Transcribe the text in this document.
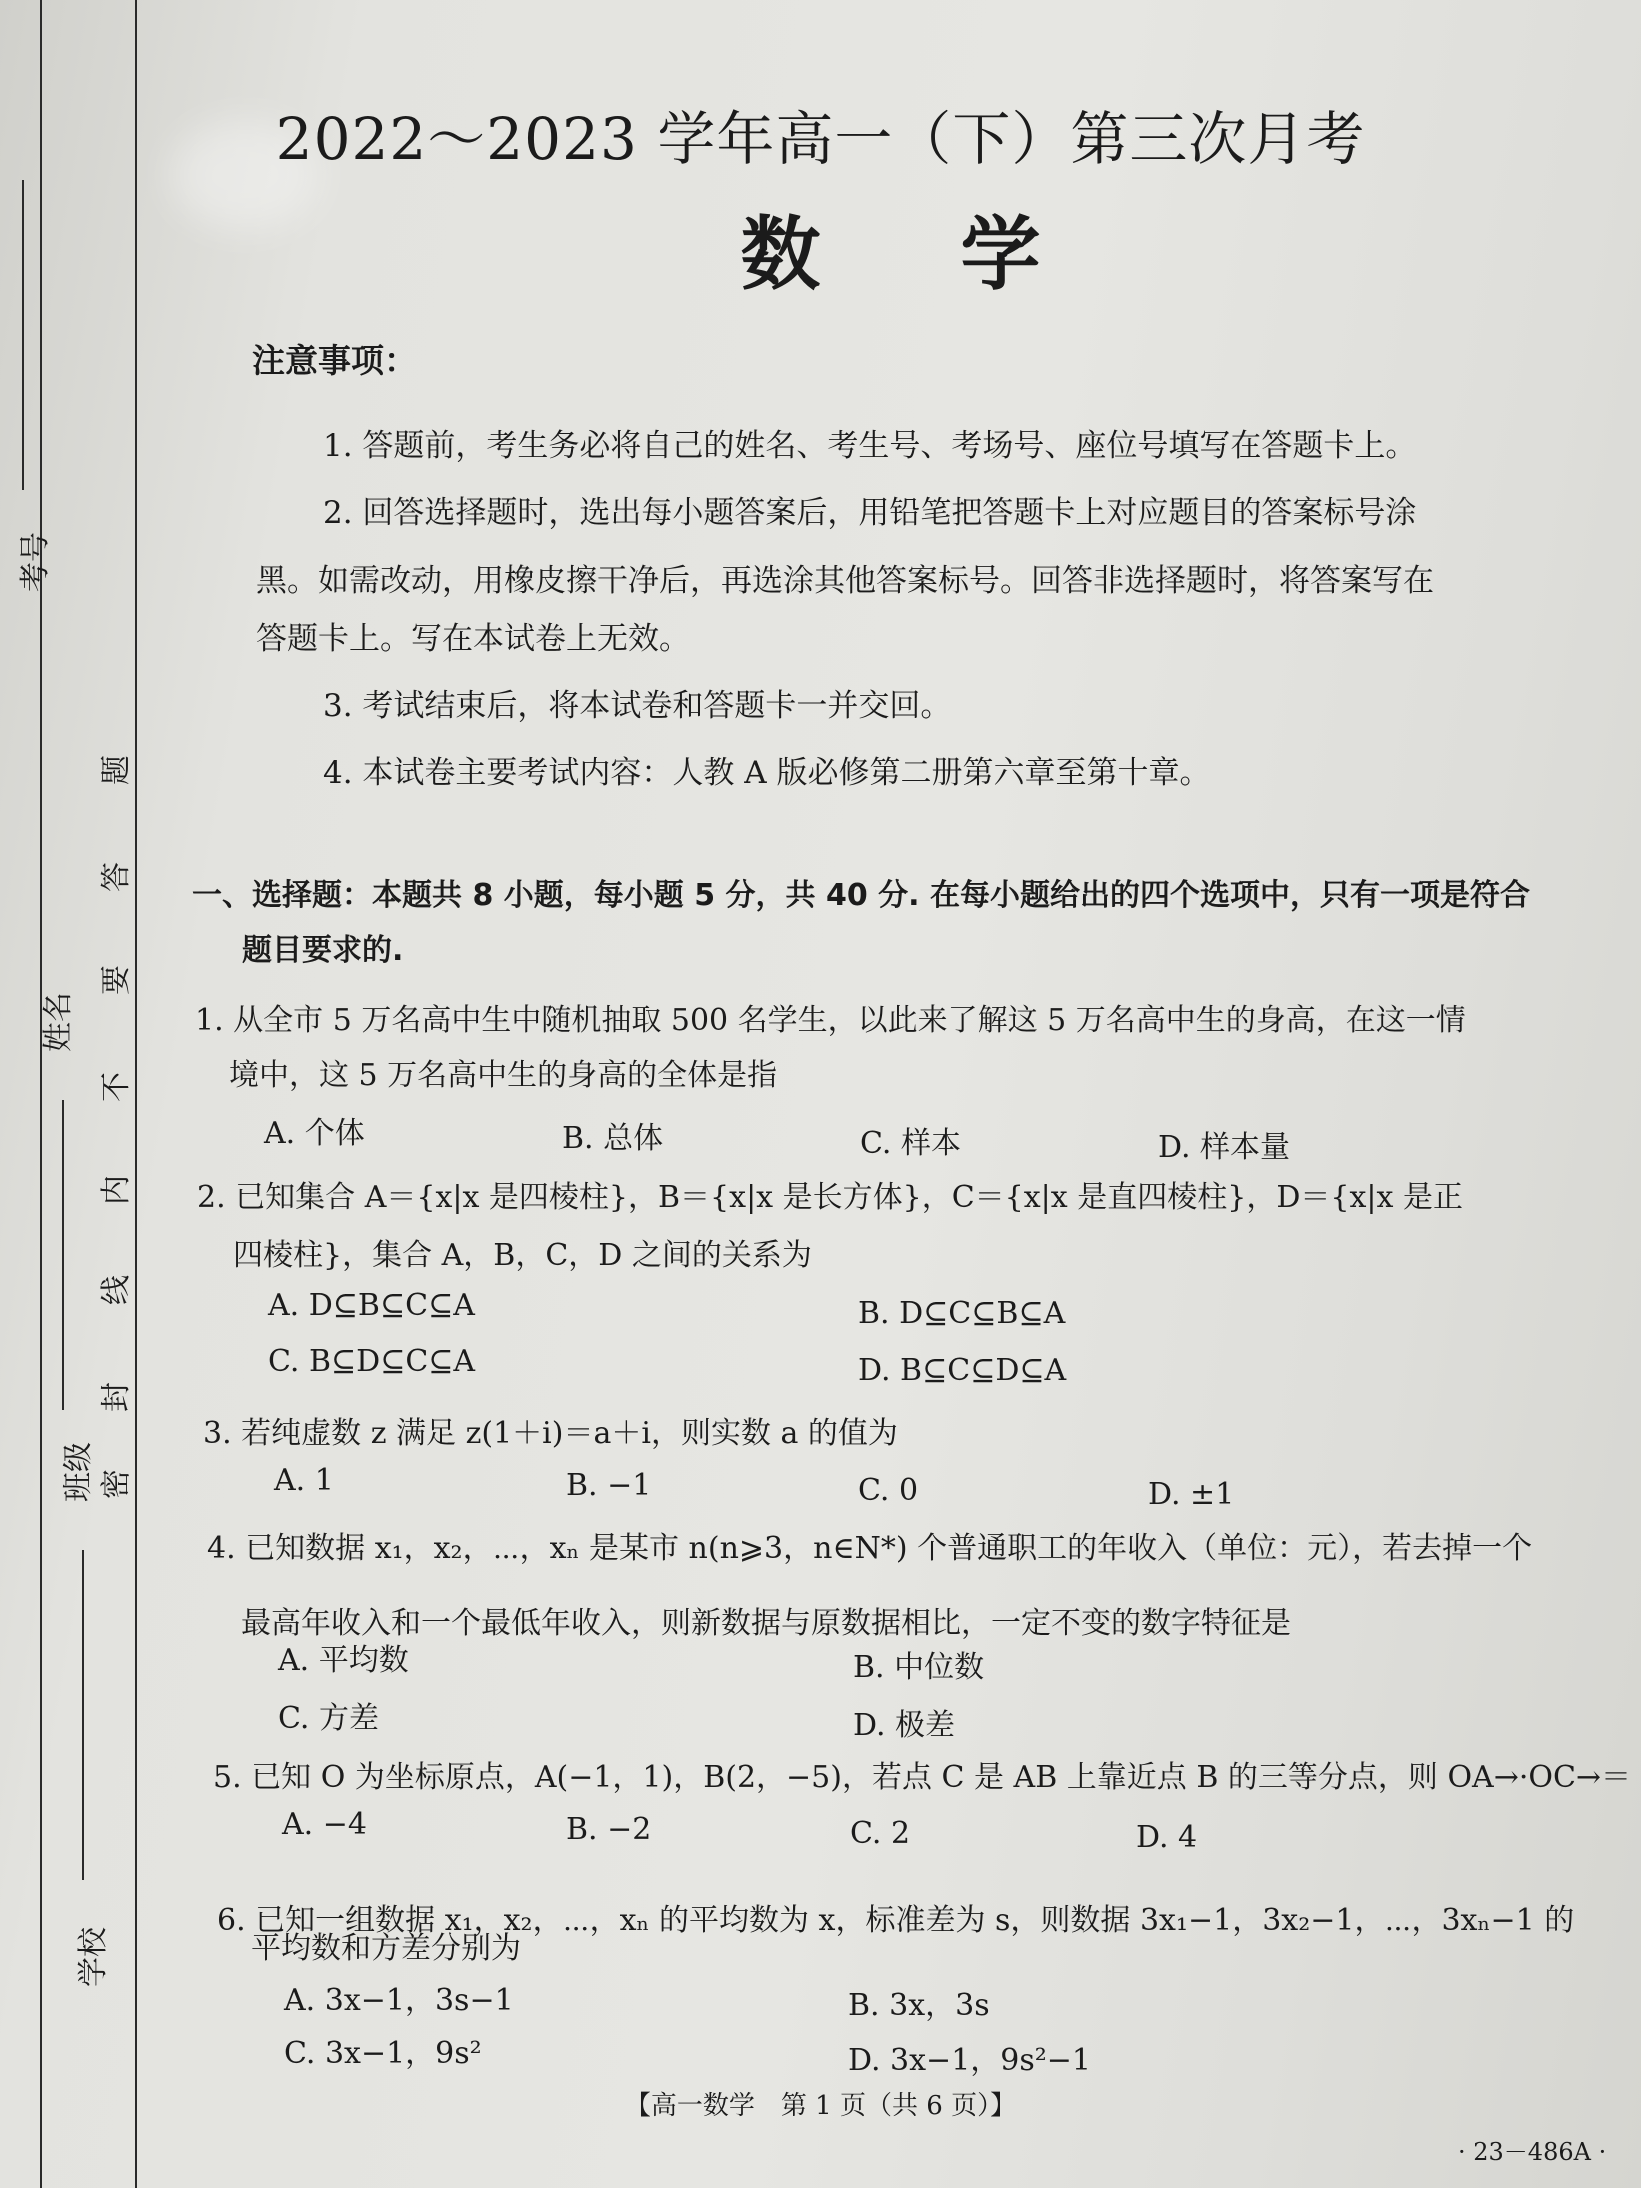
考号
姓名
班级
学校
密
封
线
内
不
要
答
题
2022～2023 学年高一（下）第三次月考
数学
注意事项：
1. 答题前，考生务必将自己的姓名、考生号、考场号、座位号填写在答题卡上。
2. 回答选择题时，选出每小题答案后，用铅笔把答题卡上对应题目的答案标号涂
黑。如需改动，用橡皮擦干净后，再选涂其他答案标号。回答非选择题时，将答案写在
答题卡上。写在本试卷上无效。
3. 考试结束后，将本试卷和答题卡一并交回。
4. 本试卷主要考试内容：人教 A 版必修第二册第六章至第十章。
一、选择题：本题共 8 小题，每小题 5 分，共 40 分. 在每小题给出的四个选项中，只有一项是符合
题目要求的.
1. 从全市 5 万名高中生中随机抽取 500 名学生，以此来了解这 5 万名高中生的身高，在这一情
境中，这 5 万名高中生的身高的全体是指
A. 个体	B. 总体	C. 样本	D. 样本量
2. 已知集合 A＝{x|x 是四棱柱}，B＝{x|x 是长方体}，C＝{x|x 是直四棱柱}，D＝{x|x 是正
四棱柱}，集合 A，B，C，D 之间的关系为
A. D⊆B⊆C⊆A	B. D⊆C⊆B⊆A
C. B⊆D⊆C⊆A	D. B⊆C⊆D⊆A
3. 若纯虚数 z 满足 z(1＋i)＝a＋i，则实数 a 的值为
A. 1	B. −1	C. 0	D. ±1
4. 已知数据 x₁，x₂，⋯，xₙ 是某市 n(n⩾3，n∈N*) 个普通职工的年收入（单位：元），若去掉一个
最高年收入和一个最低年收入，则新数据与原数据相比，一定不变的数字特征是
A. 平均数	B. 中位数
C. 方差	D. 极差
5. 已知 O 为坐标原点，A(−1，1)，B(2，−5)，若点 C 是 AB 上靠近点 B 的三等分点，则 OA→·OC→＝
A. −4	B. −2	C. 2	D. 4
6. 已知一组数据 x₁，x₂，⋯，xₙ 的平均数为 x，标准差为 s，则数据 3x₁−1，3x₂−1，⋯，3xₙ−1 的
平均数和方差分别为
A. 3x−1，3s−1	B. 3x，3s
C. 3x−1，9s²	D. 3x−1，9s²−1
【高一数学　第 1 页（共 6 页）】
· 23－486A ·
